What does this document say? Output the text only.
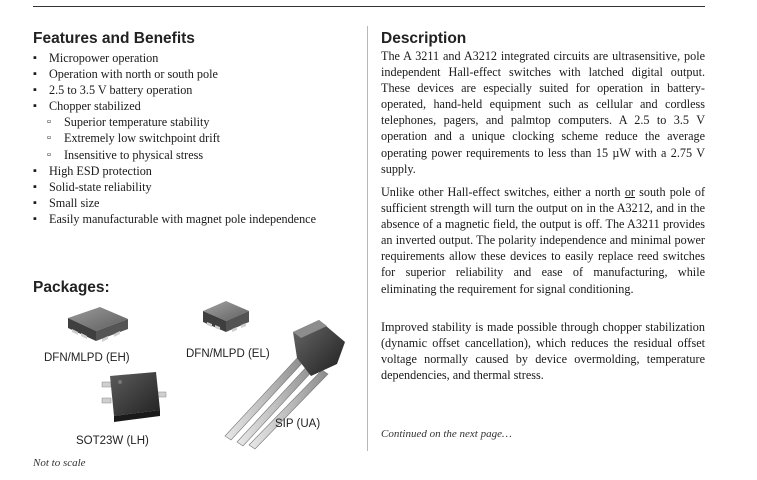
Features and Benefits
▪ Micropower operation
▪ Operation with north or south pole
▪ 2.5 to 3.5 V battery operation
▪ Chopper stabilized
▫ Superior temperature stability
▫ Extremely low switchpoint drift
▫ Insensitive to physical stress
▪ High ESD protection
▪ Solid-state reliability
▪ Small size
▪ Easily manufacturable with magnet pole independence
Packages:
DFN/MLPD (EH)	DFN/MLPD (EL)
SOT23W (LH)
SIP (UA)
Not to scale
Description

The A 3211 and A3212 integrated circuits are ultrasensitive, pole independent Hall-effect switches with latched digital output. These devices are especially suited for operation in battery-operated, hand-held equipment such as cellular and cordless telephones, pagers, and palmtop computers. A 2.5 to 3.5 V operation and a unique clocking scheme reduce the average operating power requirements to less than 15 µW with a 2.75 V supply.

Unlike other Hall-effect switches, either a north or south pole of sufficient strength will turn the output on in the A3212, and in the absence of a magnetic field, the output is off. The A3211 provides an inverted output. The polarity independence and minimal power requirements allow these devices to easily replace reed switches for superior reliability and ease of manufacturing, while eliminating the requirement for signal conditioning.

Improved stability is made possible through chopper stabilization (dynamic offset cancellation), which reduces the residual offset voltage normally caused by device overmolding, temperature dependencies, and thermal stress.

Continued on the next page…
